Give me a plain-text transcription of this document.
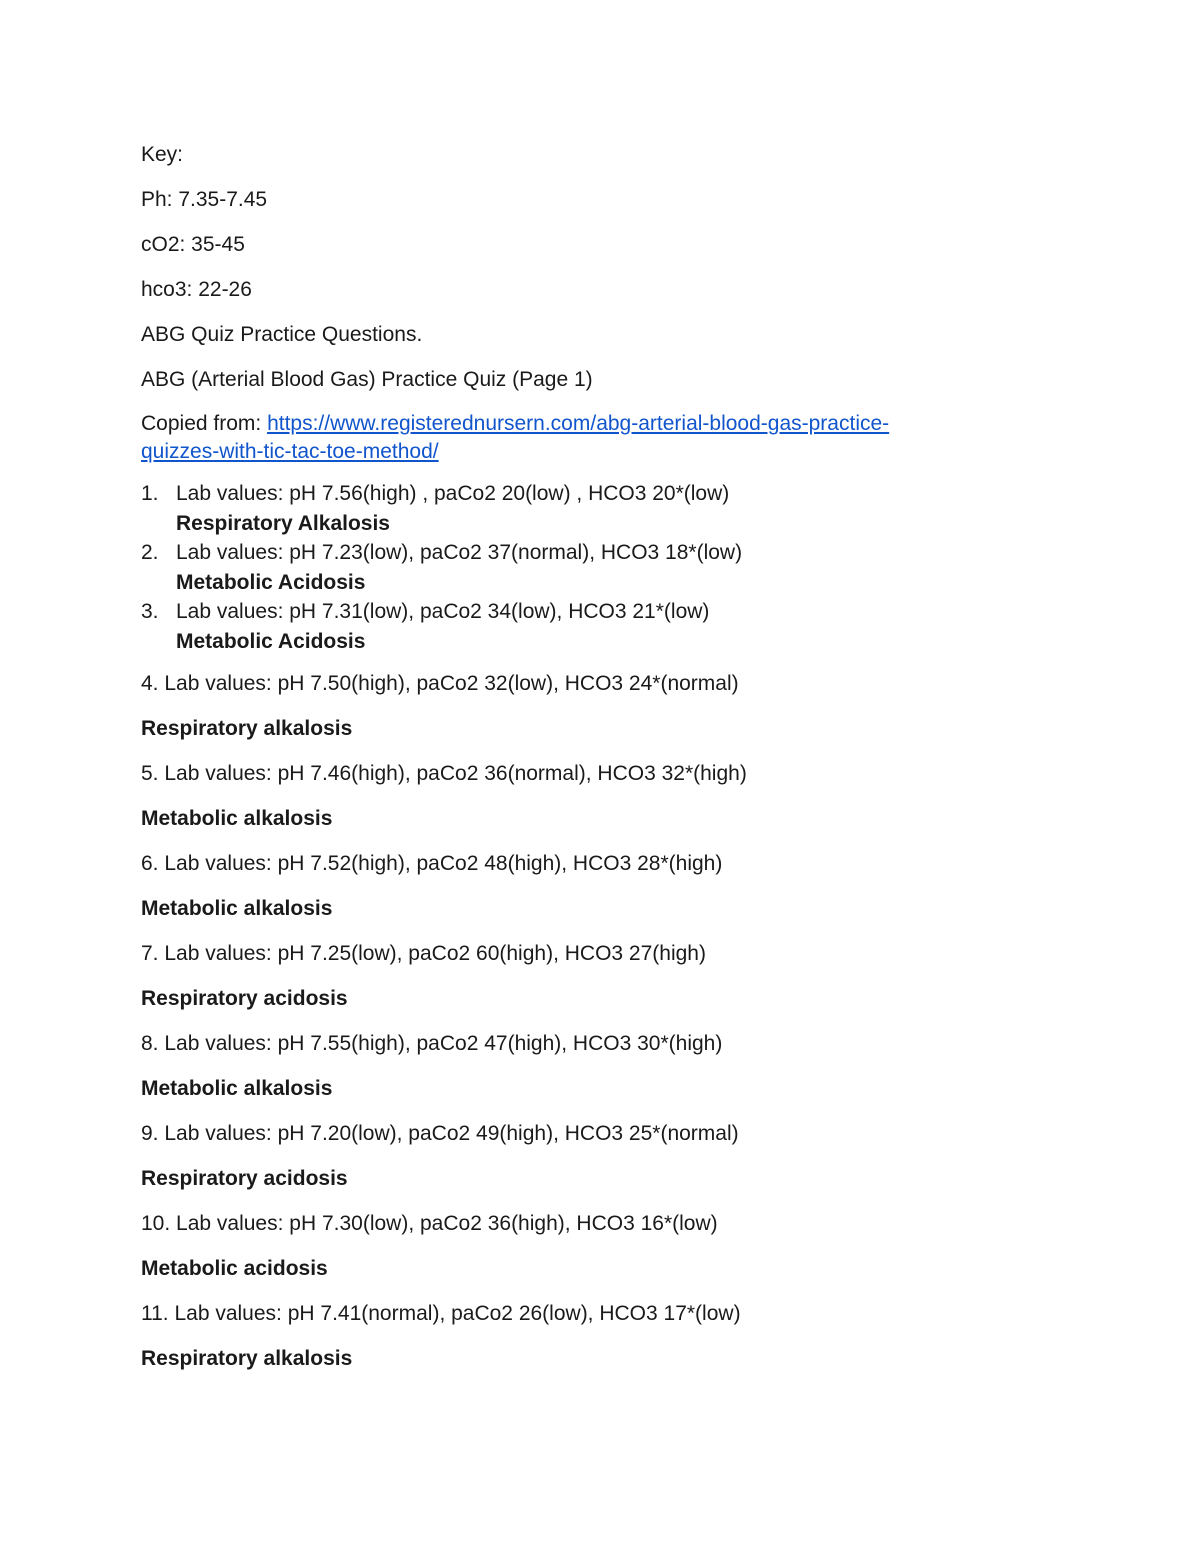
Key:

Ph: 7.35-7.45

cO2: 35-45

hco3: 22-26

ABG Quiz Practice Questions.

ABG (Arterial Blood Gas) Practice Quiz (Page 1)

Copied from: https://www.registerednursern.com/abg-arterial-blood-gas-practice-
quizzes-with-tic-tac-toe-method/

1. Lab values: pH 7.56(high) , paCo2 20(low) , HCO3 20*(low)
Respiratory Alkalosis
2. Lab values: pH 7.23(low), paCo2 37(normal), HCO3 18*(low)
Metabolic Acidosis
3. Lab values: pH 7.31(low), paCo2 34(low), HCO3 21*(low)
Metabolic Acidosis

4. Lab values: pH 7.50(high), paCo2 32(low), HCO3 24*(normal)

Respiratory alkalosis

5. Lab values: pH 7.46(high), paCo2 36(normal), HCO3 32*(high)

Metabolic alkalosis

6. Lab values: pH 7.52(high), paCo2 48(high), HCO3 28*(high)

Metabolic alkalosis

7. Lab values: pH 7.25(low), paCo2 60(high), HCO3 27(high)

Respiratory acidosis

8. Lab values: pH 7.55(high), paCo2 47(high), HCO3 30*(high)

Metabolic alkalosis

9. Lab values: pH 7.20(low), paCo2 49(high), HCO3 25*(normal)

Respiratory acidosis

10. Lab values: pH 7.30(low), paCo2 36(high), HCO3 16*(low)

Metabolic acidosis

11. Lab values: pH 7.41(normal), paCo2 26(low), HCO3 17*(low)

Respiratory alkalosis
